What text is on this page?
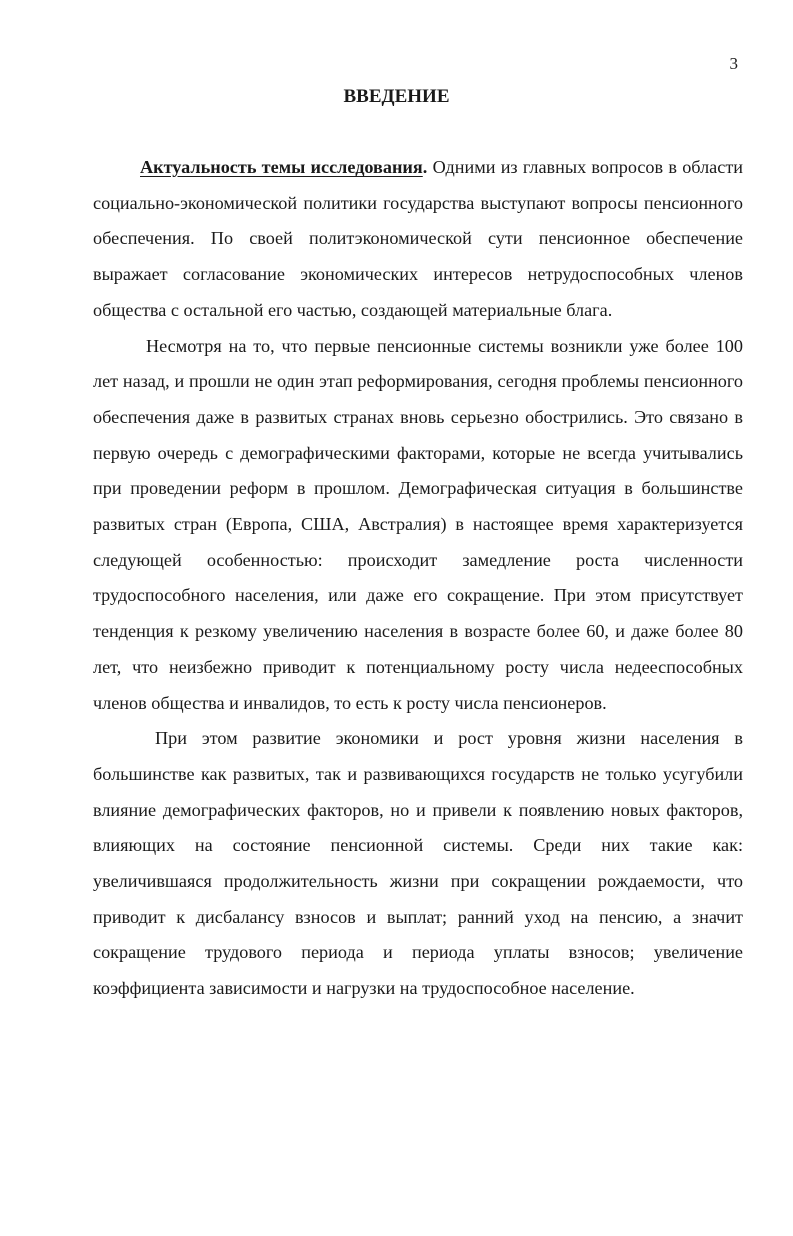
3
ВВЕДЕНИЕ

Актуальность темы исследования. Одними из главных вопросов в области социально-экономической политики государства выступают вопросы пенсионного обеспечения. По своей политэкономической сути пенсионное обеспечение выражает согласование экономических интересов нетрудоспособных членов общества с остальной его частью, создающей материальные блага.

Несмотря на то, что первые пенсионные системы возникли уже более 100 лет назад, и прошли не один этап реформирования, сегодня проблемы пенсионного обеспечения даже в развитых странах вновь серьезно обострились. Это связано в первую очередь с демографическими факторами, которые не всегда учитывались при проведении реформ в прошлом. Демографическая ситуация в большинстве развитых стран (Европа, США, Австралия) в настоящее время характеризуется следующей особенностью: происходит замедление роста численности трудоспособного населения, или даже его сокращение. При этом присутствует тенденция к резкому увеличению населения в возрасте более 60, и даже более 80 лет, что неизбежно приводит к потенциальному росту числа недееспособных членов общества и инвалидов, то есть к росту числа пенсионеров.

При этом развитие экономики и рост уровня жизни населения в большинстве как развитых, так и развивающихся государств не только усугубили влияние демографических факторов, но и привели к появлению новых факторов, влияющих на состояние пенсионной системы. Среди них такие как: увеличившаяся продолжительность жизни при сокращении рождаемости, что приводит к дисбалансу взносов и выплат; ранний уход на пенсию, а значит сокращение трудового периода и периода уплаты взносов; увеличение коэффициента зависимости и нагрузки на трудоспособное население.
